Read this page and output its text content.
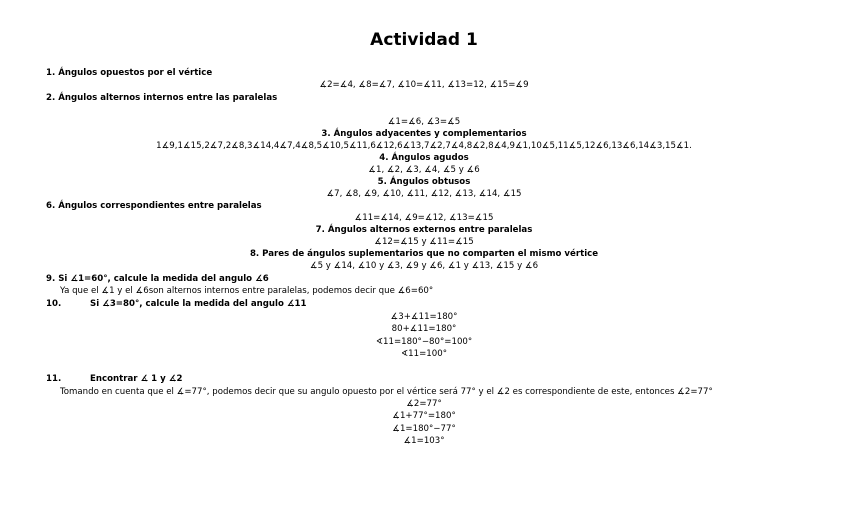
Actividad 1
1. Ángulos opuestos por el vértice
∡2=∡4, ∡8=∡7, ∡10=∡11, ∡13=12, ∡15=∡9
2. Ángulos alternos internos entre las paralelas
∡1=∡6, ∡3=∡5
3. Ángulos adyacentes y complementarios
1∡9,1∡15,2∡7,2∡8,3∡14,4∡7,4∡8,5∡10,5∡11,6∡12,6∡13,7∡2,7∡4,8∡2,8∡4,9∡1,10∡5,11∡5,12∡6,13∡6,14∡3,15∡1.
4. Ángulos agudos
∡1, ∡2, ∡3, ∡4, ∡5 y ∡6
5. Ángulos obtusos
∡7, ∡8, ∡9, ∡10, ∡11, ∡12, ∡13, ∡14, ∡15
6. Ángulos correspondientes entre paralelas
∡11=∡14, ∡9=∡12, ∡13=∡15
7. Ángulos alternos externos entre paralelas
∡12=∡15 y ∡11=∡15
8. Pares de ángulos suplementarios que no comparten el mismo vértice
∡5 y ∡14, ∡10 y ∡3, ∡9 y ∡6, ∡1 y ∡13, ∡15 y ∡6
9. Si ∡1=60°, calcule la medida del angulo ∡6
Ya que el ∡1 y el ∡6son alternos internos entre paralelas, podemos decir que ∡6=60°
10.	Si ∡3=80°, calcule la medida del angulo ∡11
∡3+∡11=180°
80+∡11=180°
∢11=180°−80°=100°
∢11=100°
11.	Encontrar ∡ 1 y ∡2
Tomando en cuenta que el ∡=77°, podemos decir que su angulo opuesto por el vértice será 77° y el ∡2 es correspondiente de este, entonces ∡2=77°
∡2=77°
∡1+77°=180°
∡1=180°−77°
∡1=103°
